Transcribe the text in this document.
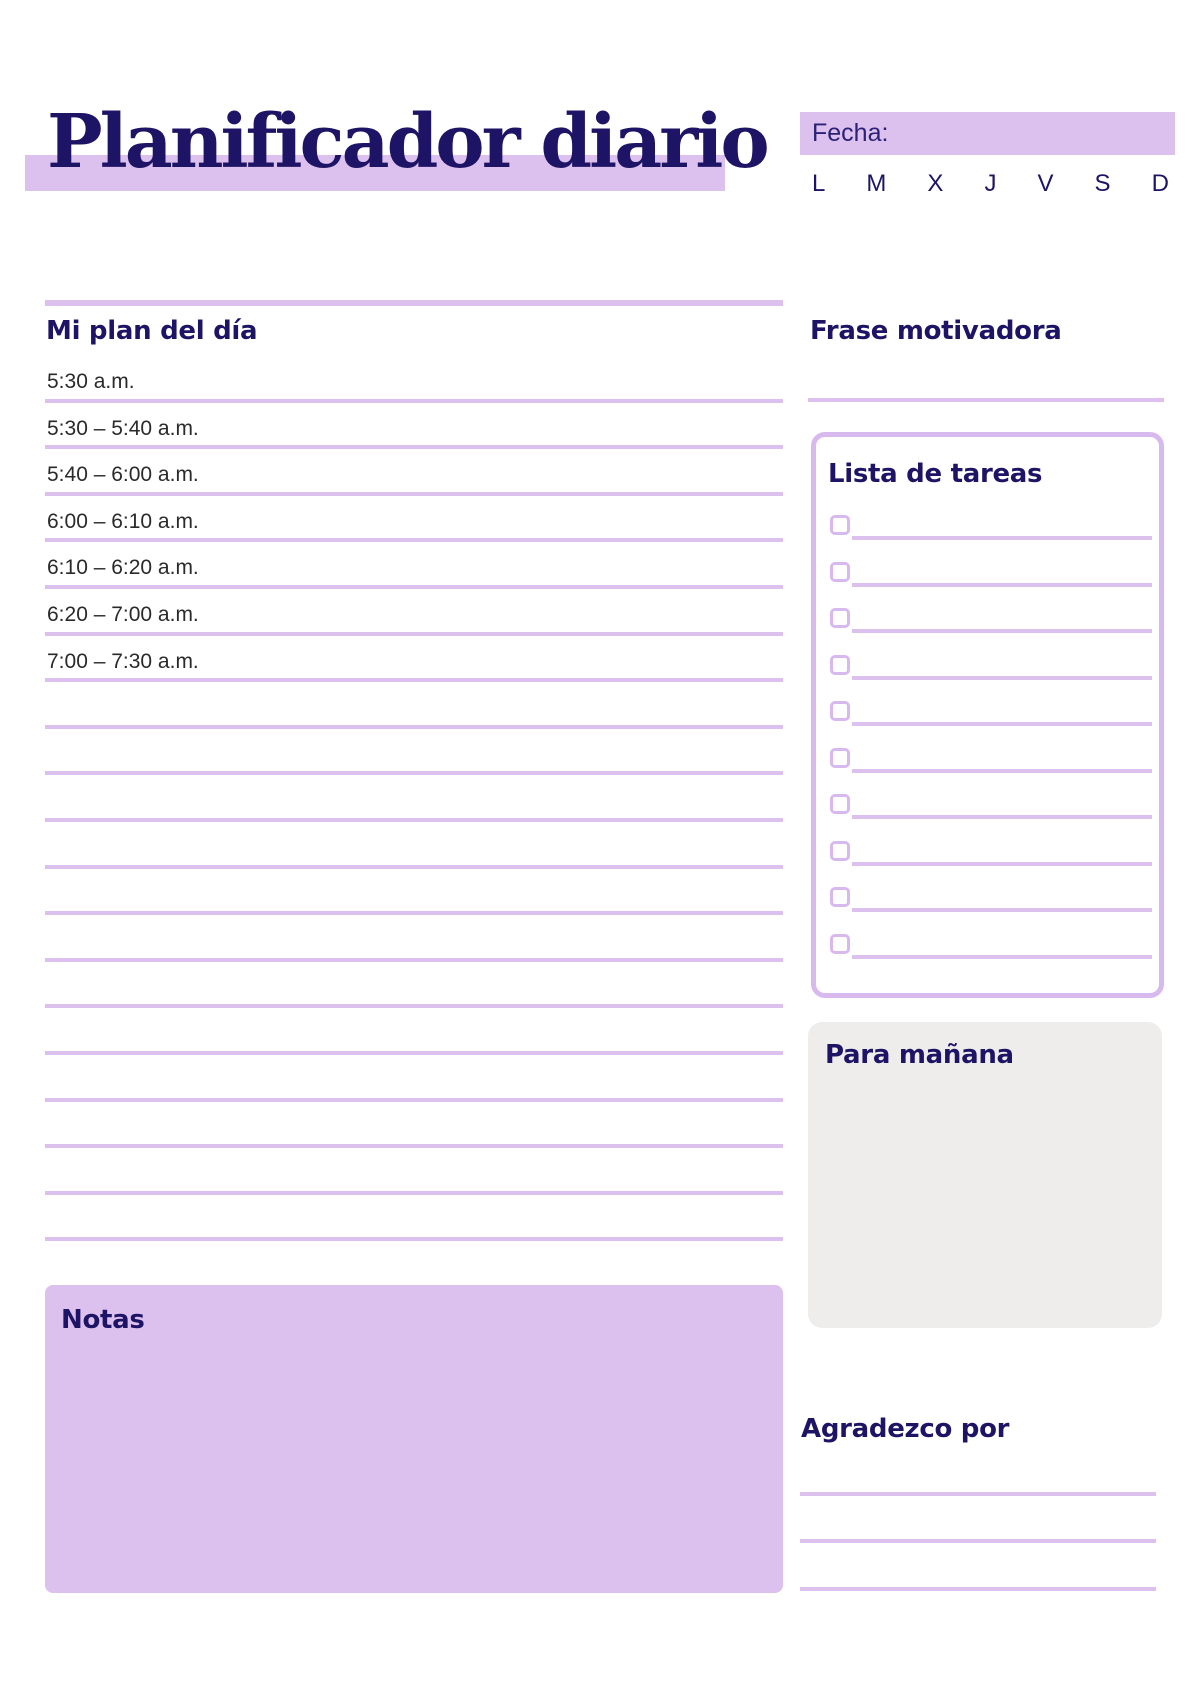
Planificador diario	Fecha:
L M X J V S D
Mi plan del día
5:30 a.m.
5:30 – 5:40 a.m.
5:40 – 6:00 a.m.
6:00 – 6:10 a.m.
6:10 – 6:20 a.m.
6:20 – 7:00 a.m.
7:00 – 7:30 a.m.
Frase motivadora
Lista de tareas
Para mañana
Notas
Agradezco por
